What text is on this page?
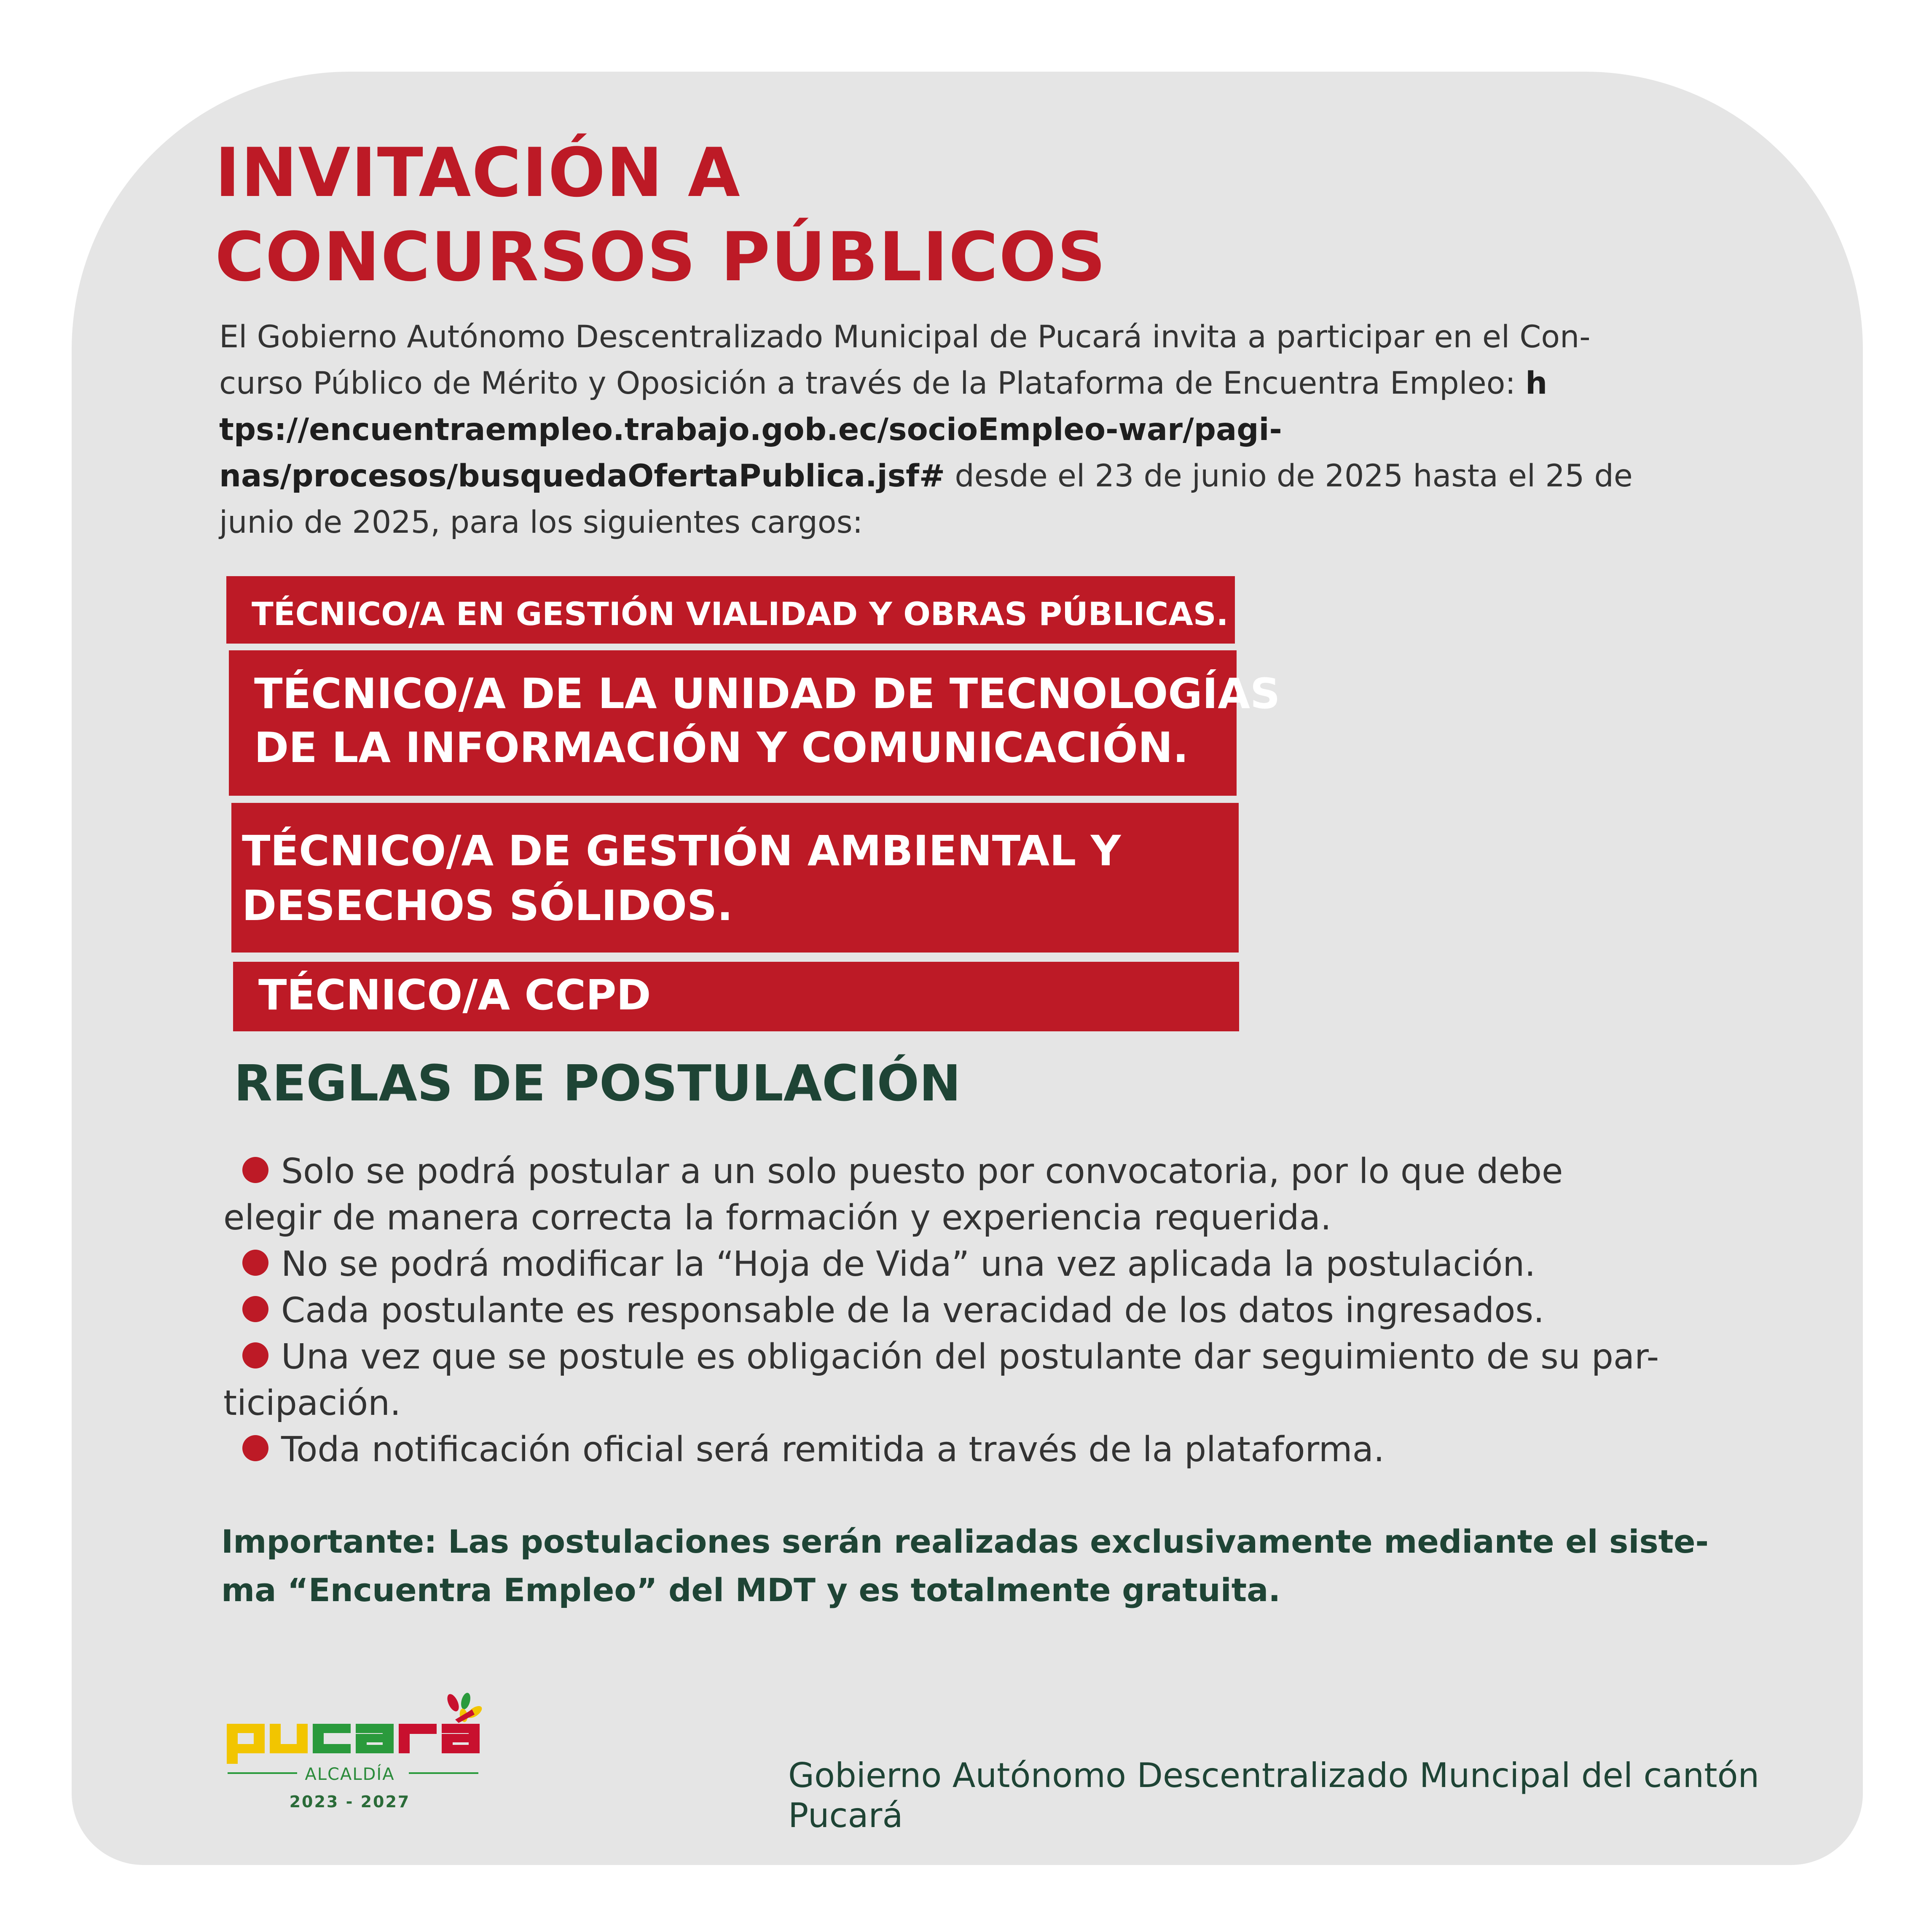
INVITACIÓN A
CONCURSOS PÚBLICOS

El Gobierno Autónomo Descentralizado Municipal de Pucará invita a participar en el Con-
curso Público de Mérito y Oposición a través de la Plataforma de Encuentra Empleo: h
tps://encuentraempleo.trabajo.gob.ec/socioEmpleo-war/pagi-
nas/procesos/busquedaOfertaPublica.jsf# desde el 23 de junio de 2025 hasta el 25 de
junio de 2025, para los siguientes cargos:

TÉCNICO/A EN GESTIÓN VIALIDAD Y OBRAS PÚBLICAS.
TÉCNICO/A DE LA UNIDAD DE TECNOLOGÍAS
DE LA INFORMACIÓN Y COMUNICACIÓN.
TÉCNICO/A DE GESTIÓN AMBIENTAL Y
DESECHOS SÓLIDOS.
TÉCNICO/A CCPD
REGLAS DE POSTULACIÓN
Solo se podrá postular a un solo puesto por convocatoria, por lo que debe
elegir de manera correcta la formación y experiencia requerida.
No se podrá modificar la “Hoja de Vida” una vez aplicada la postulación.
Cada postulante es responsable de la veracidad de los datos ingresados.
Una vez que se postule es obligación del postulante dar seguimiento de su par-
ticipación.
Toda notificación oficial será remitida a través de la plataforma.

Importante: Las postulaciones serán realizadas exclusivamente mediante el siste-
ma “Encuentra Empleo” del MDT y es totalmente gratuita.

ALCALDÍA
2023 - 2027

Gobierno Autónomo Descentralizado Muncipal del cantón
Pucará
